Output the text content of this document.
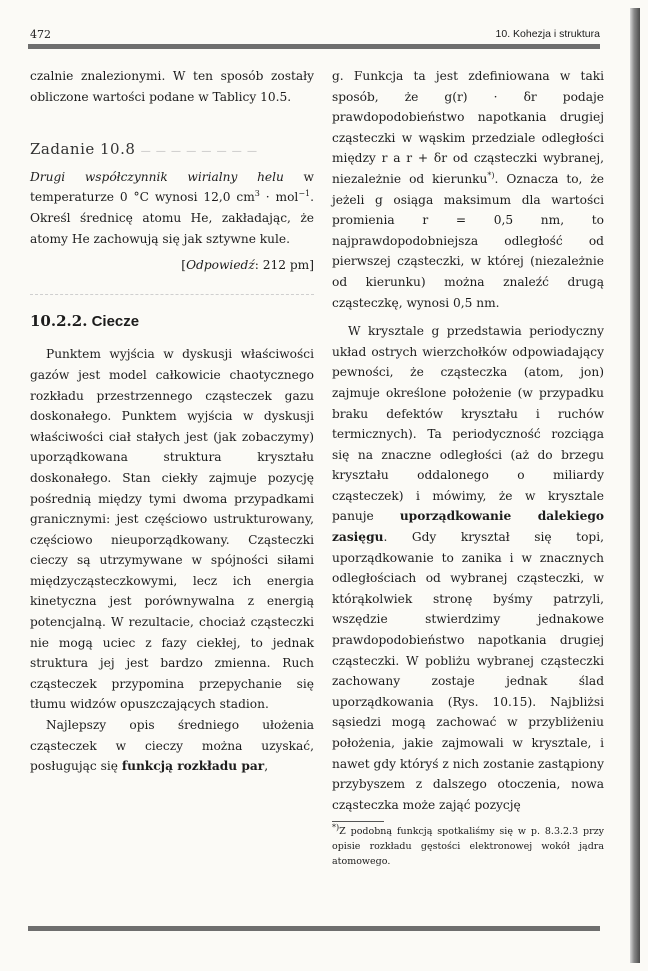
472	10. Kohezja i struktura

czalnie znalezionymi. W ten sposób zostały obliczone wartości podane w Tablicy 10.5.

Zadanie 10.8 — — — — — — — —

Drugi współczynnik wirialny helu w temperaturze 0 °C wynosi 12,0 $cm^3 \cdot mol^{-1}$. Określ średnicę atomu He, zakładając, że atomy He zachowują się jak sztywne kule.

[Odpowiedź: 212 pm]

10.2.2. Ciecze

Punktem wyjścia w dyskusji właściwości gazów jest model całkowicie chaotycznego rozkładu przestrzennego cząsteczek gazu doskonałego. Punktem wyjścia w dyskusji właściwości ciał stałych jest (jak zobaczymy) uporządkowana struktura kryształu doskonałego. Stan ciekły zajmuje pozycję pośrednią między tymi dwoma przypadkami granicznymi: jest częściowo ustrukturowany, częściowo nieuporządkowany. Cząsteczki cieczy są utrzymywane w spójności siłami międzycząsteczkowymi, lecz ich energia kinetyczna jest porównywalna z energią potencjalną. W rezultacie, chociaż cząsteczki nie mogą uciec z fazy ciekłej, to jednak struktura jej jest bardzo zmienna. Ruch cząsteczek przypomina przepychanie się tłumu widzów opuszczających stadion.

Najlepszy opis średniego ułożenia cząsteczek w cieczy można uzyskać, posługując się funkcją rozkładu par,

g. Funkcja ta jest zdefiniowana w taki sposób, że g(r) · δr podaje prawdopodobieństwo napotkania drugiej cząsteczki w wąskim przedziale odległości między r a r + δr od cząsteczki wybranej, niezależnie od kierunku*). Oznacza to, że jeżeli g osiąga maksimum dla wartości promienia r = 0,5 nm, to najprawdopodobniejsza odległość od pierwszej cząsteczki, w której (niezależnie od kierunku) można znaleźć drugą cząsteczkę, wynosi 0,5 nm.

W krysztale g przedstawia periodyczny układ ostrych wierzchołków odpowiadający pewności, że cząsteczka (atom, jon) zajmuje określone położenie (w przypadku braku defektów kryształu i ruchów termicznych). Ta periodyczność rozciąga się na znaczne odległości (aż do brzegu kryształu oddalonego o miliardy cząsteczek) i mówimy, że w krysztale panuje uporządkowanie dalekiego zasięgu. Gdy kryształ się topi, uporządkowanie to zanika i w znacznych odległościach od wybranej cząsteczki, w którąkolwiek stronę byśmy patrzyli, wszędzie stwierdzimy jednakowe prawdopodobieństwo napotkania drugiej cząsteczki. W pobliżu wybranej cząsteczki zachowany zostaje jednak ślad uporządkowania (Rys. 10.15). Najbliżsi sąsiedzi mogą zachować w przybliżeniu położenia, jakie zajmowali w krysztale, i nawet gdy któryś z nich zostanie zastąpiony przybyszem z dalszego otoczenia, nowa cząsteczka może zająć pozycję

*)Z podobną funkcją spotkaliśmy się w p. 8.3.2.3 przy opisie rozkładu gęstości elektronowej wokół jądra atomowego.
